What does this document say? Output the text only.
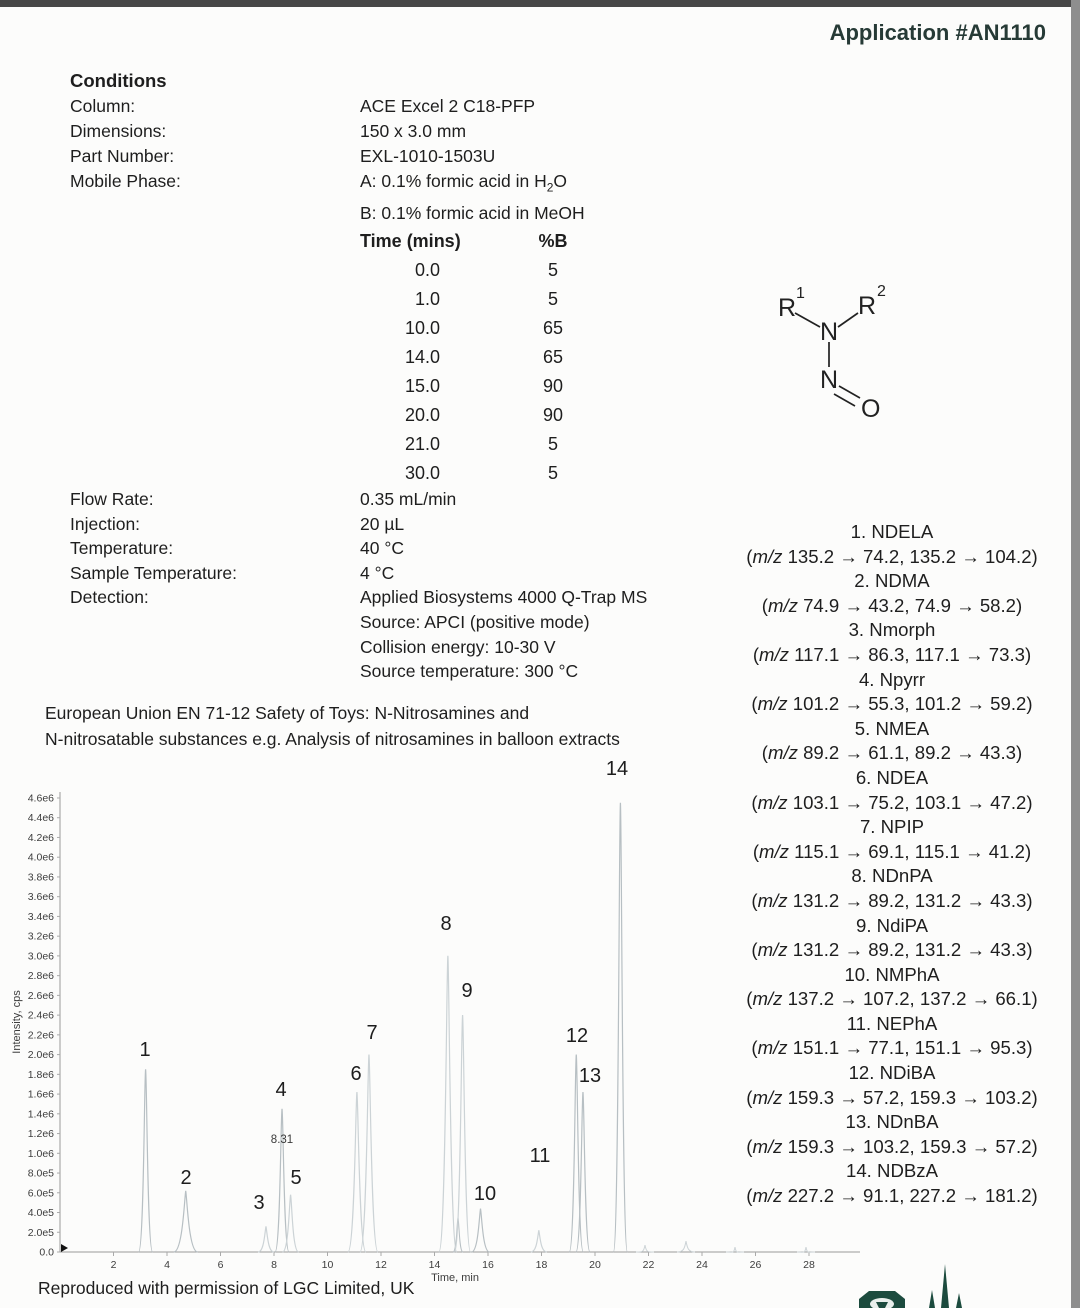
Application #AN1110
Conditions
Column:	ACE Excel 2 C18-PFP
Dimensions:	150 x 3.0 mm
Part Number:	EXL-1010-1503U
Mobile Phase:	A: 0.1% formic acid in $H_2O$
B: 0.1% formic acid in MeOH
Time (mins)	%B
0.0	5
1.0	5
10.0	65
14.0	65
15.0	90
20.0	90
21.0	5
30.0	5
Flow Rate:	0.35 mL/min
Injection:	20 µL
Temperature:	40 °C
Sample Temperature:	4 °C
Detection:	Applied Biosystems 4000 Q-Trap MS
Source: APCI (positive mode)
Collision energy: 10-30 V
Source temperature: 300 °C
R
1 R
2
N
N
O
1. NDELA
(m/z 135.2 → 74.2, 135.2 → 104.2)
2. NDMA
(m/z 74.9 → 43.2, 74.9 → 58.2)
3. Nmorph
(m/z 117.1 → 86.3, 117.1 → 73.3)
4. Npyrr
(m/z 101.2 → 55.3, 101.2 → 59.2)
5. NMEA
(m/z 89.2 → 61.1, 89.2 → 43.3)
6. NDEA
(m/z 103.1 → 75.2, 103.1 → 47.2)
7. NPIP
(m/z 115.1 → 69.1, 115.1 → 41.2)
8. NDnPA
(m/z 131.2 → 89.2, 131.2 → 43.3)
9. NdiPA
(m/z 131.2 → 89.2, 131.2 → 43.3)
10. NMPhA
(m/z 137.2 → 107.2, 137.2 → 66.1)
11. NEPhA
(m/z 151.1 → 77.1, 151.1 → 95.3)
12. NDiBA
(m/z 159.3 → 57.2, 159.3 → 103.2)
13. NDnBA
(m/z 159.3 → 103.2, 159.3 → 57.2)
14. NDBzA
(m/z 227.2 → 91.1, 227.2 → 181.2)
European Union EN 71-12 Safety of Toys: N-Nitrosamines and
N-nitrosatable substances e.g. Analysis of nitrosamines in balloon extracts
0.0
2.0e5
4.0e5
6.0e5
8.0e5
1.0e6
1.2e6
1.4e6
1.6e6
1.8e6
2.0e6
2.2e6
2.4e6
2.6e6
2.8e6
3.0e6
3.2e6
3.4e6
3.6e6
3.8e6
4.0e6
4.2e6
4.4e6
4.6e6
2	4	6	8	10	12	14	16	18	20	22	24	26	28
Time, min
Intensity, cps	1
2
3
4
5
6
7
8
9
10
11
12
13
14
8.31
Reproduced with permission of LGC Limited, UK
